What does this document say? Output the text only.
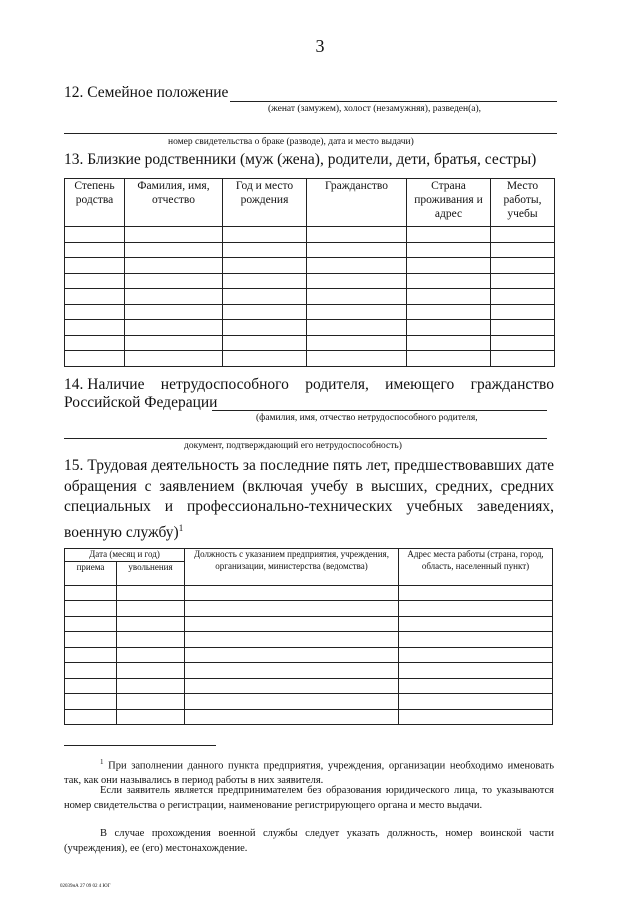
3
12. Семейное положение
(женат (замужем), холост (незамужняя), разведен(а),
номер свидетельства о браке (разводе), дата и место выдачи)
13. Близкие родственники (муж (жена), родители, дети, братья, сестры)
Степень родства	Фамилия, имя, отчество	Год и место рождения	Гражданство	Страна проживания и адрес	Место работы, учебы

14. Наличие нетрудоспособного родителя, имеющего гражданство
Российской Федерации
(фамилия, имя, отчество нетрудоспособного родителя,
документ, подтверждающий его нетрудоспособность)
15. Трудовая деятельность за последние пять лет, предшествовавших дате обращения с заявлением (включая учебу в высших, средних, средних специальных и профессионально-технических учебных заведениях, военную службу)$^1$
Дата (месяц и год)		Должность с указанием предприятия, учреждения, организации, министерства (ведомства)	Адрес места работы (страна, город, область, населенный пункт)
приема	увольнения		

$^1$ При заполнении данного пункта предприятия, учреждения, организации необходимо именовать так, как они назывались в период работы в них заявителя.
Если заявитель является предпринимателем без образования юридического лица, то указываются номер свидетельства о регистрации, наименование регистрирующего органа и место выдачи.
В случае прохождения военной службы следует указать должность, номер воинской части (учреждения), ее (его) местонахождение.
02039нА 27 09 02 4 ЮГ
